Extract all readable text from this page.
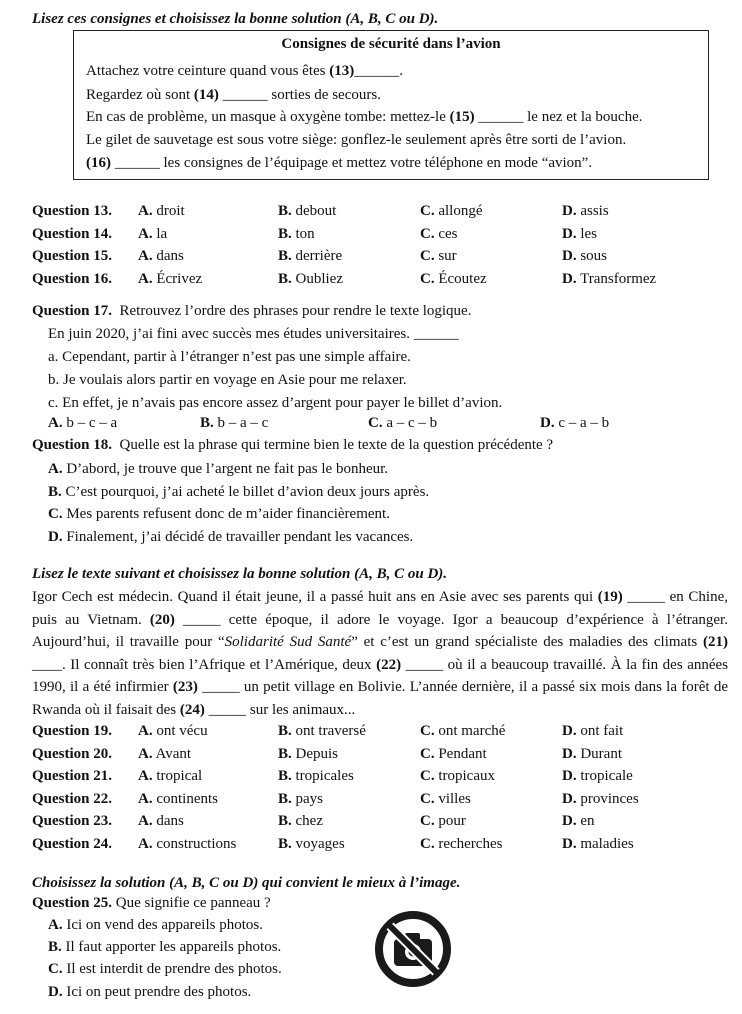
Lisez ces consignes et choisissez la bonne solution (A, B, C ou D).
Consignes de sécurité dans l’avion
Attachez votre ceinture quand vous êtes (13)______.
Regardez où sont (14) ______ sorties de secours.
En cas de problème, un masque à oxygène tombe: mettez-le (15) ______ le nez et la bouche.
Le gilet de sauvetage est sous votre siège: gonflez-le seulement après être sorti de l’avion.
(16) ______ les consignes de l’équipage et mettez votre téléphone en mode “avion”.
Question 13. A. droit	B. debout	C. allongé	D. assis
Question 14. A. la	B. ton	C. ces	D. les
Question 15. A. dans	B. derrière	C. sur	D. sous
Question 16. A. Écrivez	B. Oubliez	C. Écoutez	D. Transformez
Question 17. Retrouvez l’ordre des phrases pour rendre le texte logique.
En juin 2020, j’ai fini avec succès mes études universitaires. ______
a. Cependant, partir à l’étranger n’est pas une simple affaire.
b. Je voulais alors partir en voyage en Asie pour me relaxer.
c. En effet, je n’avais pas encore assez d’argent pour payer le billet d’avion.
A. b – c – a	B. b – a – c	C. a – c – b	D. c – a – b
Question 18. Quelle est la phrase qui termine bien le texte de la question précédente ?
A. D’abord, je trouve que l’argent ne fait pas le bonheur.
B. C’est pourquoi, j’ai acheté le billet d’avion deux jours après.
C. Mes parents refusent donc de m’aider financièrement.
D. Finalement, j’ai décidé de travailler pendant les vacances.
Lisez le texte suivant et choisissez la bonne solution (A, B, C ou D).
Igor Cech est médecin. Quand il était jeune, il a passé huit ans en Asie avec ses parents qui (19) _____ en Chine, puis au Vietnam. (20) _____ cette époque, il adore le voyage. Igor a beaucoup d’expérience à l’étranger. Aujourd’hui, il travaille pour “Solidarité Sud Santé” et c’est un grand spécialiste des maladies des climats (21) ____. Il connaît très bien l’Afrique et l’Amérique, deux (22) _____ où il a beaucoup travaillé. À la fin des années 1990, il a été infirmier (23) _____ un petit village en Bolivie. L’année dernière, il a passé six mois dans la forêt de Rwanda où il faisait des (24) _____ sur les animaux...
Question 19. A. ont vécu	B. ont traversé	C. ont marché	D. ont fait
Question 20. A. Avant	B. Depuis	C. Pendant	D. Durant
Question 21. A. tropical	B. tropicales	C. tropicaux	D. tropicale
Question 22. A. continents	B. pays	C. villes	D. provinces
Question 23. A. dans	B. chez	C. pour	D. en
Question 24. A. constructions	B. voyages	C. recherches	D. maladies
Choisissez la solution (A, B, C ou D) qui convient le mieux à l’image.
Question 25. Que signifie ce panneau ?
A. Ici on vend des appareils photos.
B. Il faut apporter les appareils photos.
C. Il est interdit de prendre des photos.
D. Ici on peut prendre des photos.
